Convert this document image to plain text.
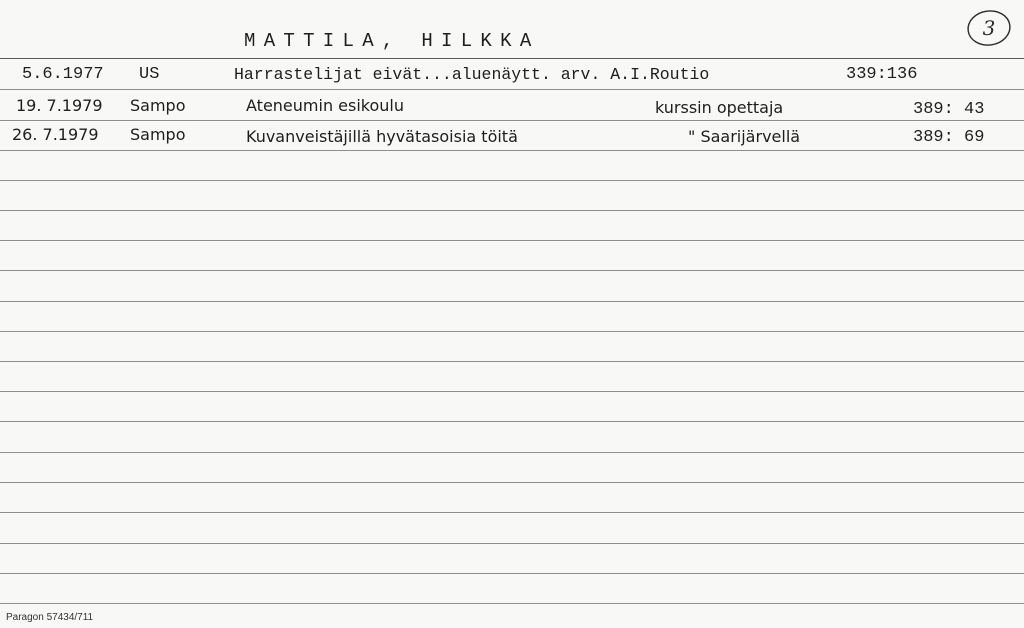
MATTILA, HILKKA
3
5.6.1977 US	Harrastelijat eivät...aluenäytt. arv. A.I.Routio	339:136
19. 7.1979 Sampo	Ateneumin esikoulu	kurssin opettaja	389: 43
26. 7.1979 Sampo	Kuvanveistäjillä hyvätasoisia töitä	" Saarijärvellä	389: 69
Paragon 57434/711
